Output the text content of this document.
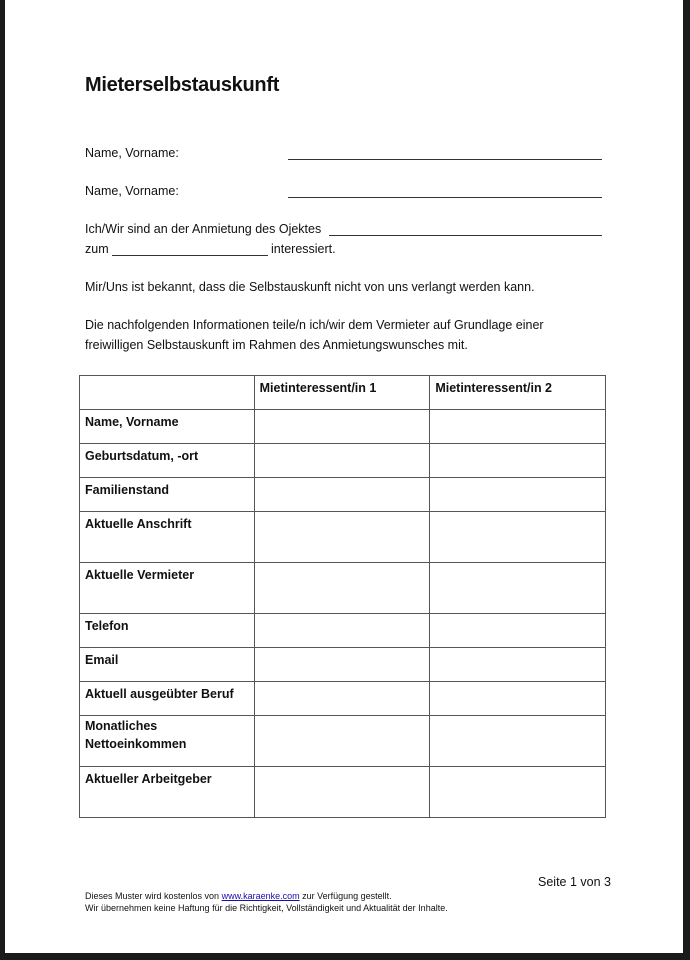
Mieterselbstauskunft
Name, Vorname:
Name, Vorname:
Ich/Wir sind an der Anmietung des Ojektes
zum	interessiert.
Mir/Uns ist bekannt, dass die Selbstauskunft nicht von uns verlangt werden kann.
Die nachfolgenden Informationen teile/n ich/wir dem Vermieter auf Grundlage einer
freiwilligen Selbstauskunft im Rahmen des Anmietungswunsches mit.
	Mietinteressent/in 1	Mietinteressent/in 2
Name, Vorname		
Geburtsdatum, -ort		
Familienstand		
Aktuelle Anschrift		
Aktuelle Vermieter		
Telefon		
Email		
Aktuell ausgeübter Beruf		
Monatliches Nettoeinkommen		
Aktueller Arbeitgeber		
Seite 1 von 3
Dieses Muster wird kostenlos von www.karaenke.com zur Verfügung gestellt.
Wir übernehmen keine Haftung für die Richtigkeit, Vollständigkeit und Aktualität der Inhalte.
